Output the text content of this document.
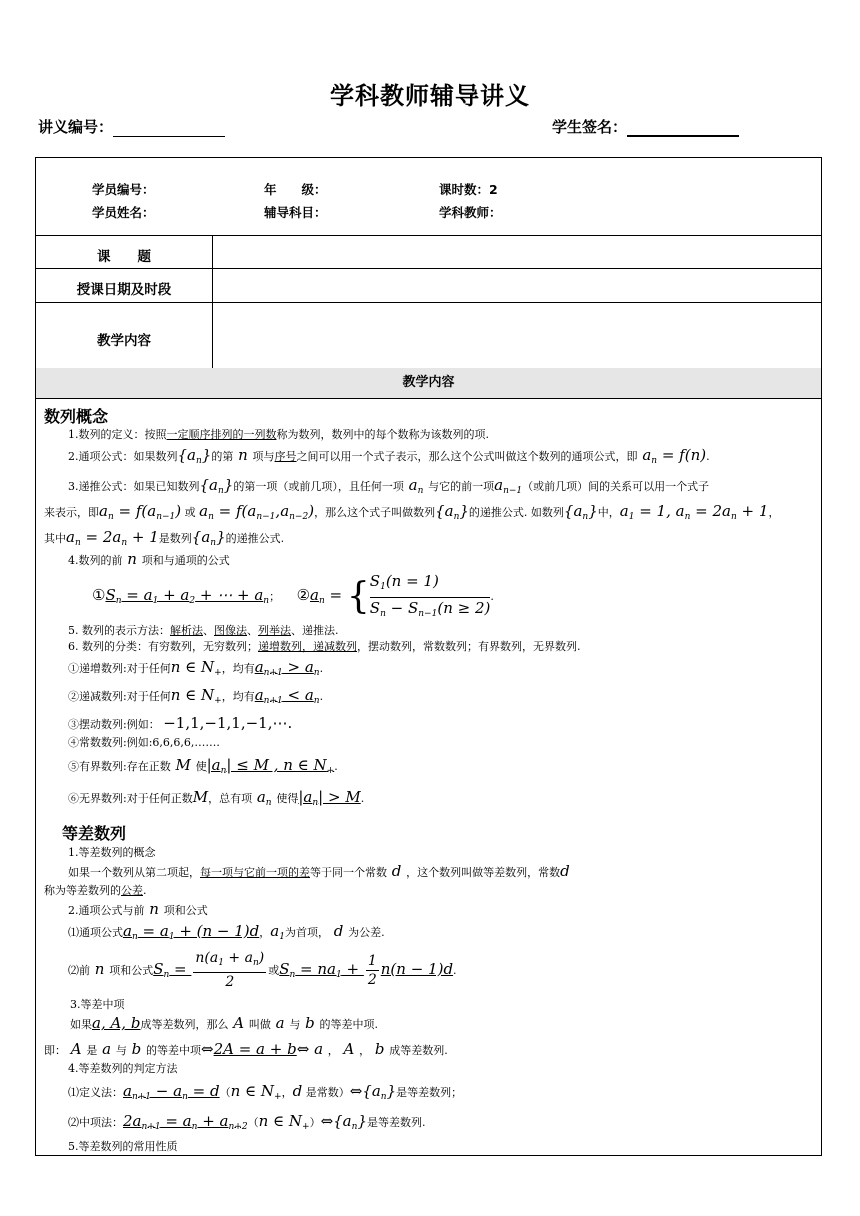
学科教师辅导讲义
讲义编号：	学生签名：
学员编号：	年　　级：	课时数：2
学员姓名：	辅导科目：	学科教师：
课　　题
授课日期及时段
教学内容
教学内容
数列概念
1.数列的定义：按照一定顺序排列的一列数称为数列，数列中的每个数称为该数列的项.
2.通项公式：如果数列$\{a_n\}$的第 n 项与序号之间可以用一个式子表示，那么这个公式叫做这个数列的通项公式，即 $a_n = f(n)$.
3.递推公式：如果已知数列$\{a_n\}$的第一项（或前几项），且任何一项 $a_n$ 与它的前一项$a_{n-1}$（或前几项）间的关系可以用一个式子
来表示，即$a_n = f(a_{n-1})$ 或 $a_n = f(a_{n-1},a_{n-2})$，那么这个式子叫做数列$\{a_n\}$的递推公式. 如数列$\{a_n\}$中，$a_1 = 1$, $a_n = 2a_n + 1$，
其中$a_n = 2a_n + 1$是数列$\{a_n\}$的递推公式.
4.数列的前 n 项和与通项的公式
$①S_n = a_1 + a_2$ + ⋯ + $a_n$；　　$②a_n$ = { $\frac{S_1(n = 1)}{S_n - S_{n-1}(n \ge 2)}$ .
5. 数列的表示方法：解析法、图像法、列举法、递推法.
6. 数列的分类：有穷数列，无穷数列；递增数列，递减数列，摆动数列，常数数列；有界数列，无界数列.
①递增数列:对于任何n ∈ $N_+$，均有$a_{n+1} > a_n$.
②递减数列:对于任何n ∈ $N_+$，均有$a_{n+1} < a_n$.
③摆动数列:例如： −1,1,−1,1,−1,⋯.
④常数数列:例如:6,6,6,6,…….
⑤有界数列:存在正数 M 使$|a_n| \le M$ , n ∈ $N_+$.
⑥无界数列:对于任何正数M，总有项 $a_n$ 使得$|a_n| > M$.
等差数列
1.等差数列的概念
如果一个数列从第二项起，每一项与它前一项的差等于同一个常数 d ，这个数列叫做等差数列，常数d
称为等差数列的公差.
2.通项公式与前 n 项和公式
⑴通项公式$a_n = a_1 + (n - 1)d$，$a_1$为首项， d 为公差.
⑵前 n 项和公式$S_n = \frac{n(a_1 + a_n)}{2}$ 或$S_n = na_1 + \frac{1}{2} n(n - 1)d$.
3.等差中项
如果a, A, b成等差数列，那么 A 叫做 a 与 b 的等差中项.
即： A 是 a 与 b 的等差中项⇔2A = a + b⇔ a ， A ， b 成等差数列.
4.等差数列的判定方法
⑴定义法：$a_{n+1} - a_n = d(n$ ∈ $N_+$，d 是常数）$\Leftrightarrow\{a_n\}$是等差数列；
⑵中项法：$2a_{n+1} = a_n + a_{n+2}(n$ ∈ $N_+)\Leftrightarrow\{a_n\}$是等差数列.
5.等差数列的常用性质
